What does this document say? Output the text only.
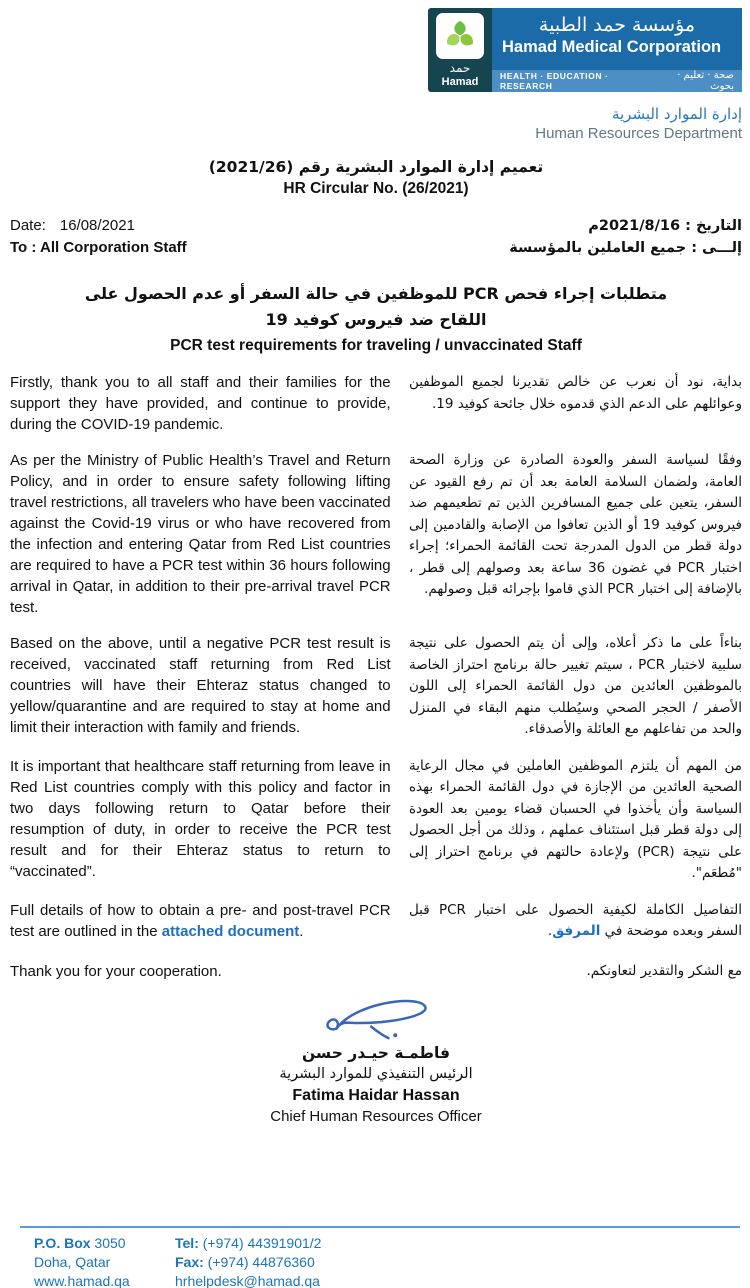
حمد
Hamad
مؤسسة حمد الطبية
Hamad Medical Corporation
HEALTH · EDUCATION · RESEARCH
صحة · تعليم · بحوث
إدارة الموارد البشرية
Human Resources Department
تعميم إدارة الموارد البشرية رقم (2021/26)
HR Circular No. (26/2021)
Date: 16/08/2021
To : All Corporation Staff
التاريخ : 2021/8/16م
إلـــى : جميع العاملين بالمؤسسة
متطلبات إجراء فحص PCR للموظفين في حالة السفر أو عدم الحصول على اللقاح ضد فيروس كوفيد 19
PCR test requirements for traveling / unvaccinated Staff
Firstly, thank you to all staff and their families for the support they have provided, and continue to provide, during the COVID-19 pandemic.
بداية، نود أن نعرب عن خالص تقديرنا لجميع الموظفين وعوائلهم على الدعم الذي قدموه خلال جائحة كوفيد 19.
As per the Ministry of Public Health’s Travel and Return Policy, and in order to ensure safety following lifting travel restrictions, all travelers who have been vaccinated against the Covid-19 virus or who have recovered from the infection and entering Qatar from Red List countries are required to have a PCR test within 36 hours following arrival in Qatar, in addition to their pre-arrival travel PCR test.
وفقًا لسياسة السفر والعودة الصادرة عن وزارة الصحة العامة، ولضمان السلامة العامة بعد أن تم رفع القيود عن السفر، يتعين على جميع المسافرين الذين تم تطعيمهم ضد فيروس كوفيد 19 أو الذين تعافوا من الإصابة والقادمين إلى دولة قطر من الدول المدرجة تحت القائمة الحمراء؛ إجراء اختبار PCR في غضون 36 ساعة بعد وصولهم إلى قطر ، بالإضافة إلى اختبار PCR الذي قاموا بإجرائه قبل وصولهم.
Based on the above, until a negative PCR test result is received, vaccinated staff returning from Red List countries will have their Ehteraz status changed to yellow/quarantine and are required to stay at home and limit their interaction with family and friends.
بناءاً على ما ذكر أعلاه، وإلى أن يتم الحصول على نتيجة سلبية لاختبار PCR ، سيتم تغيير حالة برنامج احتراز الخاصة بالموظفين العائدين من دول القائمة الحمراء إلى اللون الأصفر / الحجر الصحي وسيُطلب منهم البقاء في المنزل والحد من تفاعلهم مع العائلة والأصدقاء.
It is important that healthcare staff returning from leave in Red List countries comply with this policy and factor in two days following return to Qatar before their resumption of duty, in order to receive the PCR test result and for their Ehteraz status to return to “vaccinated”.
من المهم أن يلتزم الموظفين العاملين في مجال الرعاية الصحية العائدين من الإجازة في دول القائمة الحمراء بهذه السياسة وأن يأخذوا في الحسبان قضاء يومين بعد العودة إلى دولة قطر قبل استئناف عملهم ، وذلك من أجل الحصول على نتيجة (PCR) ولإعادة حالتهم في برنامج احتراز إلى "مُطعَم".
Full details of how to obtain a pre- and post-travel PCR test are outlined in the attached document.
التفاصيل الكاملة لكيفية الحصول على اختبار PCR قبل السفر وبعده موضحة في المرفق.
Thank you for your cooperation.	مع الشكر والتقدير لتعاونكم.
فاطمـة حيـدر حسن
الرئيس التنفيذي للموارد البشرية
Fatima Haidar Hassan
Chief Human Resources Officer
P.O. Box 3050
Doha, Qatar
www.hamad.qa
Tel: (+974) 44391901/2
Fax: (+974) 44876360
hrhelpdesk@hamad.qa
